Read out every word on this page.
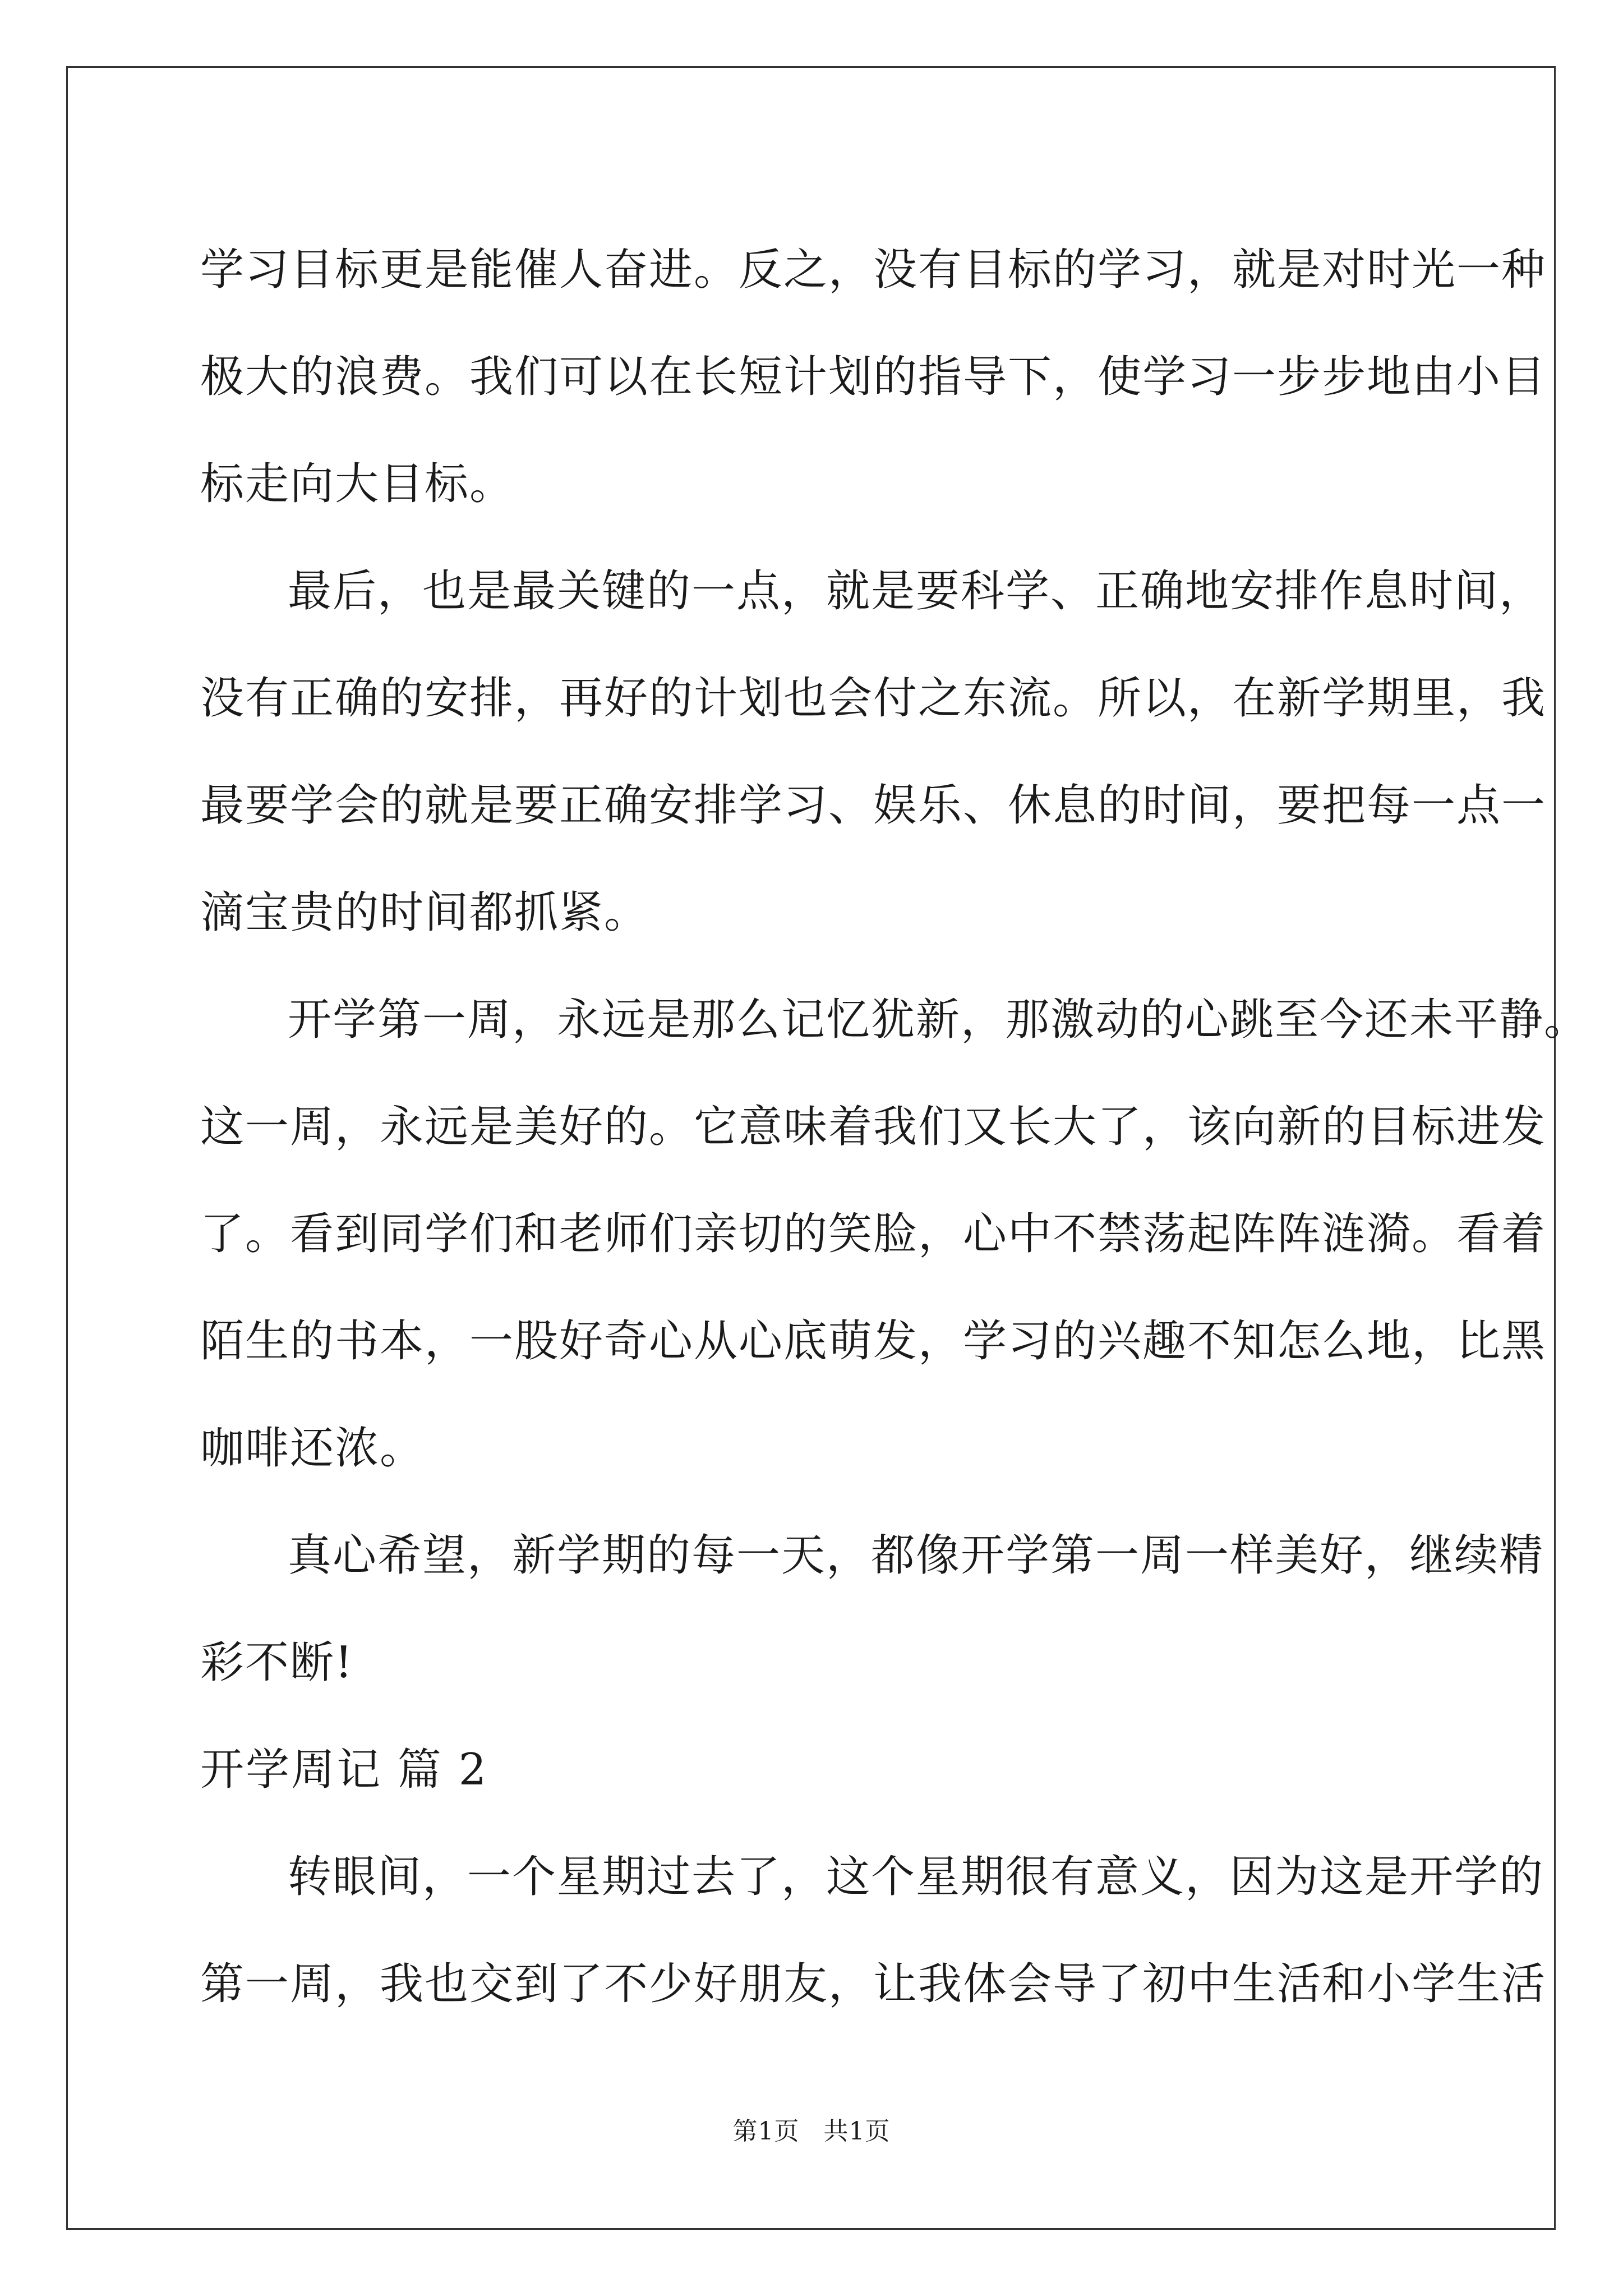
学习目标更是能催人奋进。反之，没有目标的学习，就是对时光一种
极大的浪费。我们可以在长短计划的指导下，使学习一步步地由小目
标走向大目标。
最后，也是最关键的一点，就是要科学、正确地安排作息时间，
没有正确的安排，再好的计划也会付之东流。所以，在新学期里，我
最要学会的就是要正确安排学习、娱乐、休息的时间，要把每一点一
滴宝贵的时间都抓紧。
开学第一周，永远是那么记忆犹新，那激动的心跳至今还未平静。
这一周，永远是美好的。它意味着我们又长大了，该向新的目标进发
了。看到同学们和老师们亲切的笑脸，心中不禁荡起阵阵涟漪。看着
陌生的书本，一股好奇心从心底萌发，学习的兴趣不知怎么地，比黑
咖啡还浓。
真心希望，新学期的每一天，都像开学第一周一样美好，继续精
彩不断!
开学周记 篇 2
转眼间，一个星期过去了，这个星期很有意义，因为这是开学的
第一周，我也交到了不少好朋友，让我体会导了初中生活和小学生活
第1页 共1页
